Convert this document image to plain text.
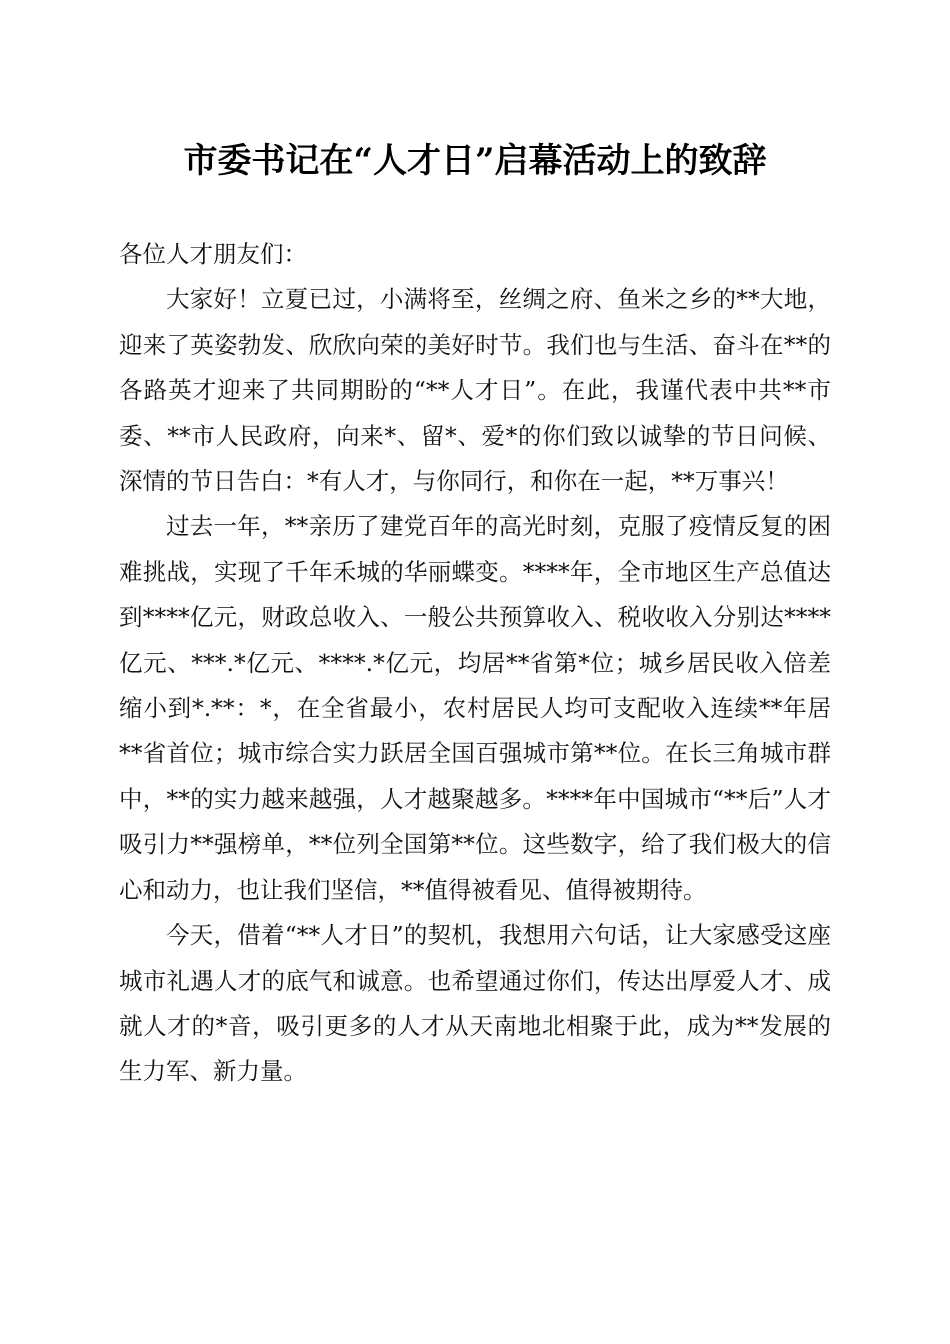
市委书记在“人才日”启幕活动上的致辞

各位人才朋友们：

大家好！立夏已过，小满将至，丝绸之府、鱼米之乡的**大地，迎来了英姿勃发、欣欣向荣的美好时节。我们也与生活、奋斗在**的各路英才迎来了共同期盼的“**人才日”。在此，我谨代表中共**市委、**市人民政府，向来*、留*、爱*的你们致以诚挚的节日问候、深情的节日告白：*有人才，与你同行，和你在一起，**万事兴！

过去一年，**亲历了建党百年的高光时刻，克服了疫情反复的困难挑战，实现了千年禾城的华丽蝶变。****年，全市地区生产总值达到****亿元，财政总收入、一般公共预算收入、税收收入分别达****亿元、***.*亿元、****.*亿元，均居**省第*位；城乡居民收入倍差缩小到*.**：*，在全省最小，农村居民人均可支配收入连续**年居**省首位；城市综合实力跃居全国百强城市第**位。在长三角城市群中，**的实力越来越强，人才越聚越多。****年中国城市“**后”人才吸引力**强榜单，**位列全国第**位。这些数字，给了我们极大的信心和动力，也让我们坚信，**值得被看见、值得被期待。

今天，借着“**人才日”的契机，我想用六句话，让大家感受这座城市礼遇人才的底气和诚意。也希望通过你们，传达出厚爱人才、成就人才的*音，吸引更多的人才从天南地北相聚于此，成为**发展的生力军、新力量。
